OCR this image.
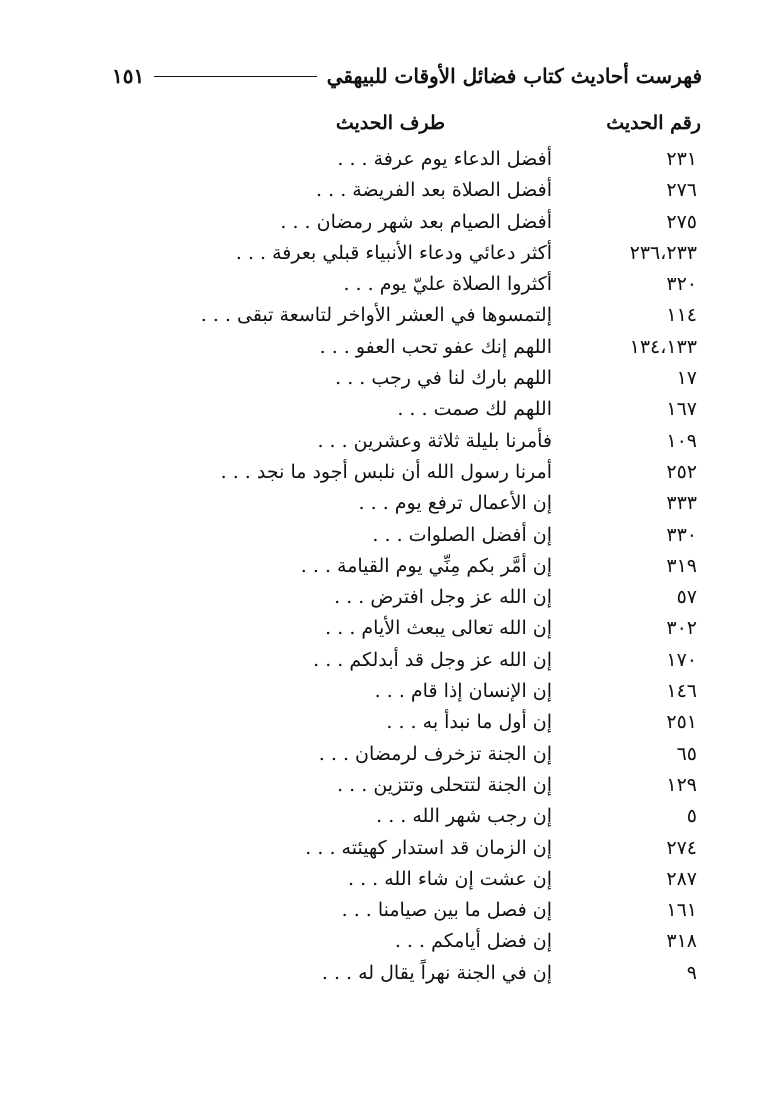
فهرست أحاديث كتاب فضائل الأوقات للبيهقي
١٥١
رقم الحديث
طرف الحديث
٢٣١
أفضل الدعاء يوم عرفة . . .
٢٧٦
أفضل الصلاة بعد الفريضة . . .
٢٧٥
أفضل الصيام بعد شهر رمضان . . .
٢٣٦،٢٣٣
أكثر دعائي ودعاء الأنبياء قبلي بعرفة . . .
٣٢٠
أكثروا الصلاة عليّ يوم . . .
١١٤
إلتمسوها في العشر الأواخر لتاسعة تبقى . . .
١٣٤،١٣٣
اللهم إنك عفو تحب العفو . . .
١٧
اللهم بارك لنا في رجب . . .
١٦٧
اللهم لك صمت . . .
١٠٩
فأمرنا بليلة ثلاثة وعشرين . . .
٢٥٢
أمرنا رسول الله أن نلبس أجود ما نجد . . .
٣٣٣
إن الأعمال ترفع يوم . . .
٣٣٠
إن أفضل الصلوات . . .
٣١٩
إن أمَّر بكم مِنِّي يوم القيامة . . .
٥٧
إن الله عز وجل افترض . . .
٣٠٢
إن الله تعالى يبعث الأيام . . .
١٧٠
إن الله عز وجل قد أبدلكم . . .
١٤٦
إن الإنسان إذا قام . . .
٢٥١
إن أول ما نبدأ به . . .
٦٥
إن الجنة تزخرف لرمضان . . .
١٢٩
إن الجنة لتتحلى وتتزين . . .
٥
إن رجب شهر الله . . .
٢٧٤
إن الزمان قد استدار كهيئته . . .
٢٨٧
إن عشت إن شاء الله . . .
١٦١
إن فصل ما بين صيامنا . . .
٣١٨
إن فضل أيامكم . . .
٩
إن في الجنة نهراً يقال له . . .
